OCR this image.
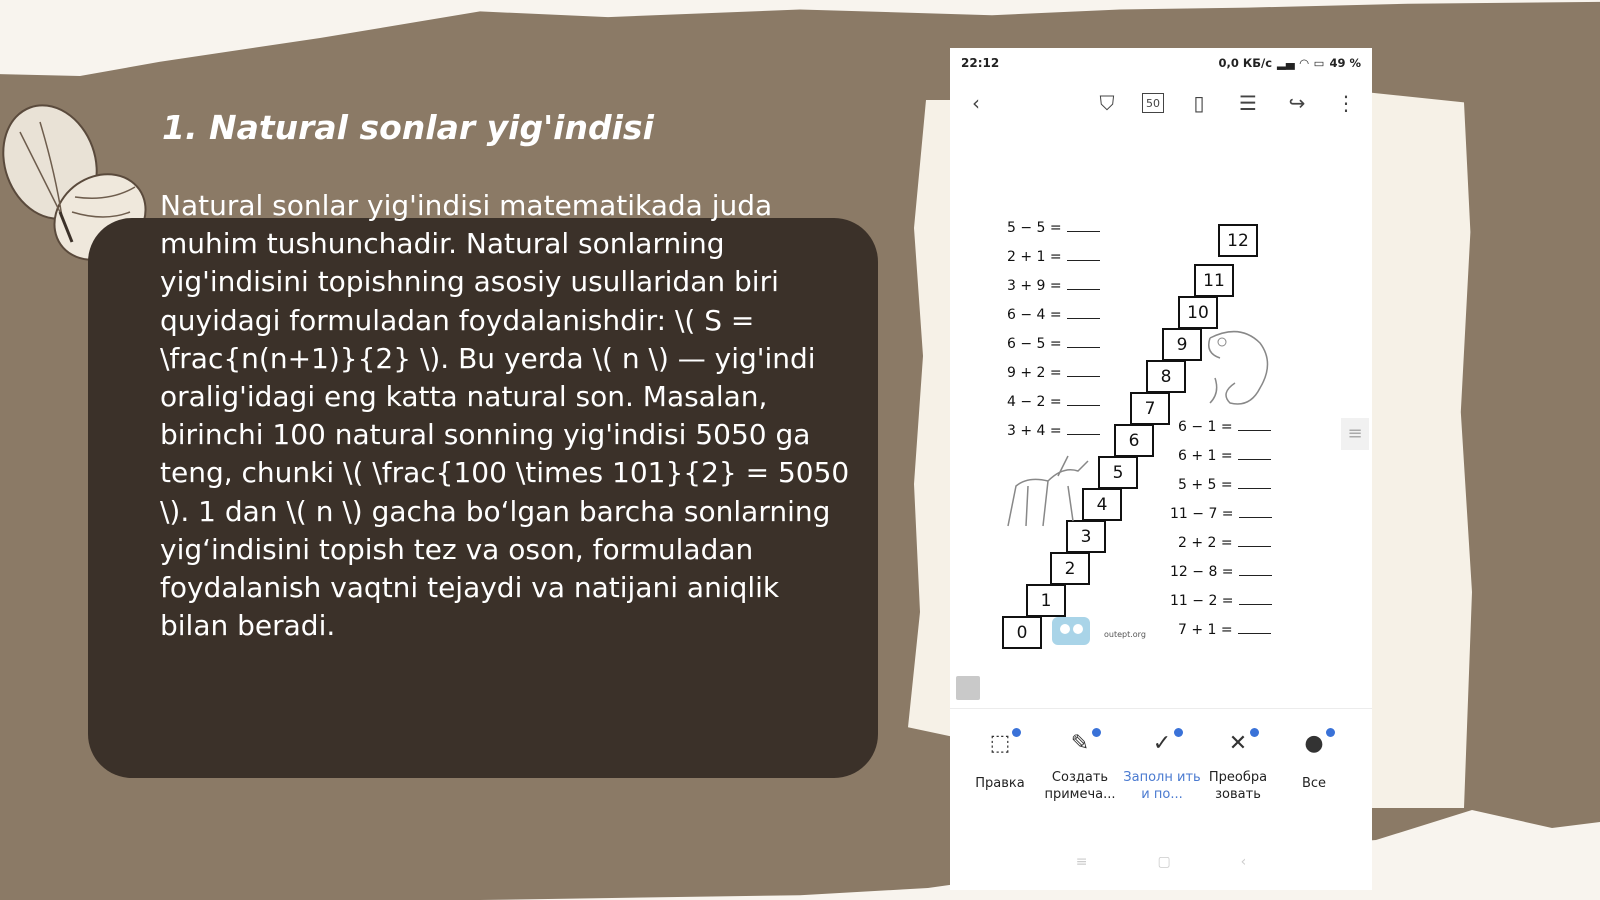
1. Natural sonlar yig'indisi
Natural sonlar yig'indisi matematikada juda muhim tushunchadir. Natural sonlarning yig'indisini topishning asosiy usullaridan biri quyidagi formuladan foydalanishdir: \( S = \frac{n(n+1)}{2} \). Bu yerda \( n \) — yig'indi oralig'idagi eng katta natural son. Masalan, birinchi 100 natural sonning yig'indisi 5050 ga teng, chunki \( \frac{100 \times 101}{2} = 5050 \). 1 dan \( n \) gacha bo‘lgan barcha sonlarning yig‘indisini topish tez va oson, formuladan foydalanish vaqtni tejaydi va natijani aniqlik bilan beradi.
22:12	0,0 КБ/с ▂▄ ◠ ▭ 49 %
‹	⛉	50	▯	☰ ↪ ⋮
5 − 5 =
2 + 1 =
3 + 9 =
6 − 4 =
6 − 5 =
9 + 2 =
4 − 2 =
3 + 4 =	6 − 1 =
6 + 1 =
5 + 5 =
11 − 7 =
2 + 2 =
12 − 8 =
11 − 2 =
7 + 1 =
0
1
2
3
4
5
6
7
8
9
10
11
12
outept.org
≡
⬚
Правка
✎
Создать примеча...
✓
Заполн ить и по...
✕
Преобра зовать
●
Все
≡	▢	‹
